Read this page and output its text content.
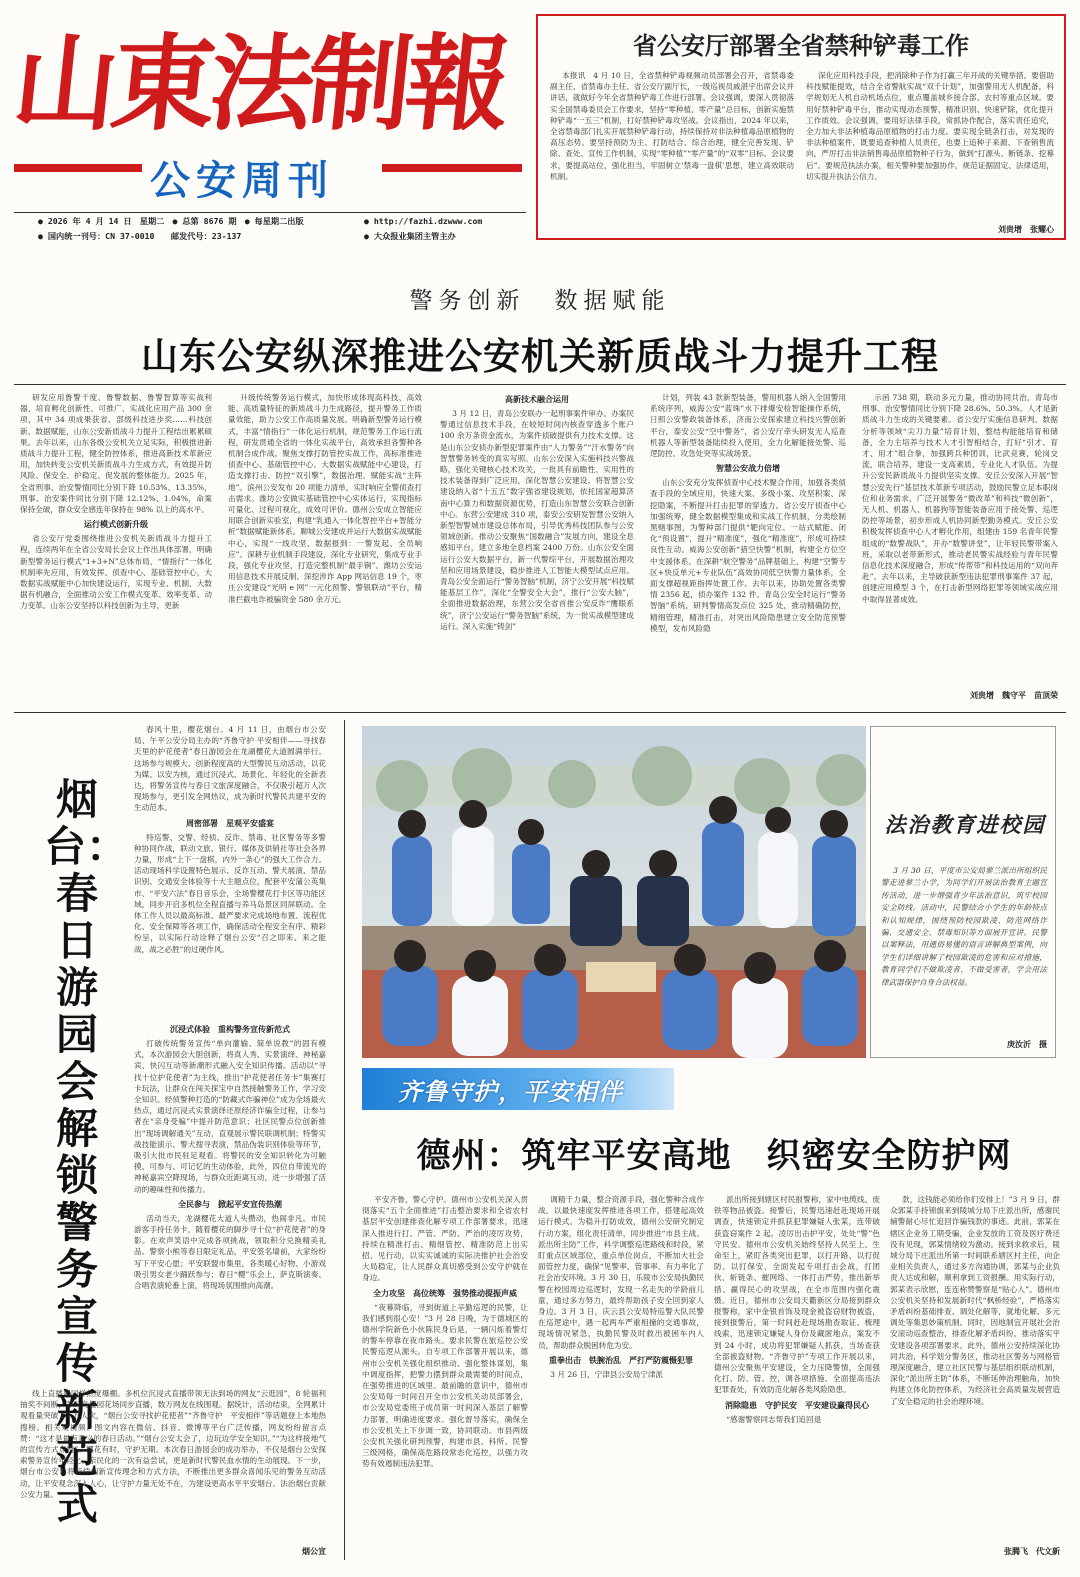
山東法制報
公安周刊
● 2026 年 4 月 14 日　星期二　● 总第 8676 期　● 每星期二出版
● 国内统一刊号：CN 37-0010　　邮发代号：23-137
● http://fazhi.dzwww.com
● 大众报业集团主管主办
省公安厅部署全省禁种铲毒工作

本报讯　4 月 10 日，全省禁种铲毒视频动员部署会召开，省禁毒委副主任、省禁毒办主任、省公安厅副厅长，一级巡视员戚湛宇出席会议并讲话，就做好今年全省禁种铲毒工作进行部署。会议强调，要深入贯彻落实全国禁毒委员会工作要求，坚持“零种植、零产量”总目标，创新实施禁种铲毒“一五三”机制，打好禁种铲毒攻坚战。会议指出，2024 年以来，全省禁毒部门扎实开展禁种铲毒行动，持续保持对非法种植毒品原植物的高压态势。要坚持预防为主、打防结合、综合治理，健全完善发现、铲除、查处、宣传工作机制，实现“零种植”“零产量”的“双零”目标。会议要求，要提高站位，强化担当，牢固树立‘禁毒一盘棋’思想，建立高效联动机制。

深化应用科技手段，把消除种子作为打赢三年开战的关键举措。要借助科技赋能提效，结合全省警航实战“双千计划”，加强警用无人机配备，科学规划无人机自动机场点位，重点覆盖城乡接合部、农村等重点区域。要用好禁种铲毒平台，推动实现动态预警、精准识别、快速铲除，优化提升工作质效。会议强调，要用好法律手段，常抓协作配合，落实责任追究，全力加大非法种植毒品原植物的打击力度。要实现全链条打击，对发现的非法种植案件，既要追查种植人员责任，也要上追种子来源、下查销售流向，严厉打击非法销售毒品原植物种子行为，做到“打源头、断链条、挖幕后”。要规范执法办案，相关警种要加强协作，规范证据固定、法律适用，切实提升执法公信力。

刘贵增　张耀心
警务创新　数据赋能
山东公安纵深推进公安机关新质战斗力提升工程

研发应用鲁警千度、鲁警数据、鲁警智算等实战利器，培育孵化创新性、可推广、实战化应用产品 300 余项，其中 34 项成果获省、部级科技进步奖……科技创新、数据赋能，山东公安新质战斗力提升工程结出累累硕果。去年以来，山东各级公安机关立足实际，积极推进新质战斗力提升工程，健全防控体系，推进高新技术革新应用，加快转变公安机关新质战斗力生成方式，有效提升防风险、保安全、护稳定、促发展的整体能力。2025 年，全省刑事、治安警情同比分别下降 10.53%、13.35%，刑事、治安案件同比分别下降 12.12%、1.04%，命案保持全破，群众安全感连年保持在 98% 以上的高水平。

运行模式创新升级

省公安厅党委围绕推进公安机关新质战斗力提升工程，连续两年在全省公安局长会议上作出具体部署，明确新型警务运行模式“1+3+N”总体布局，“情指行”一体化机制率先应用，有效发挥、侦查中心、基础管控中心，大数据实战赋能中心加快建设运行，实现专业、机制、大数据有机融合，全面推动公安工作模式变革、效率变革、动力变革。山东公安坚持以科技创新为主导，更新

升级传统警务运行模式，加快形成体现高科技、高效能、高质量特征的新质战斗力生成路径，提升警务工作质量效能，助力公安工作高质量发展。明确新型警务运行模式，丰富“情指行”一体化运行机制，规范警务工作运行流程，研发贯通全省的一体化实战平台，高效承担各警种各机制合成作战。聚焦支撑打防管控实战工作，高标准推进侦查中心、基础管控中心、大数据实战赋能中心建设，打造支撑打击、防控“双引擎”，数据治理、赋能实战“主阵地”。滨州公安发布 20 项能力清单，实时响应全警侦查打击需求。潍坊公安做实基础管控中心实体运行，实现指标可量化、过程可视化，成效可评价。德州公安成立智能应用联合创新实验室，构建“乳通入一体化智控平台+智能分析”数据赋能新体系。聊城公安建成并运行大数据实战赋能中心，实现“一线攻坚、数据报到：一警发起、全员响应”。深耕专业机制手段建设，深化专业研究，集成专业手段，强化专业攻坚，打造完整机制“最手锏”。潍坊公安运用信息技术开展反制、深挖涉诈 App 网站信息 19 个，枣庄公安建设“光明 e 网”一元化预警、警银联动”平台，精准拦截电诈被骗资金 580 余万元。

高新技术融合运用

3 月 12 日，青岛公安联办一起刑事案件审办。办案民警通过信息技术手段，在较短时间内核查穿透多个账户 100 余万条资金流水，为案件侦破提供有力技术支撑。这是山东公安侦办新型犯罪案件由“人力警务”“汗水警务”向智慧警务转变的真实写照。山东公安深入实施科技兴警战略，强化关键核心技术攻关，一批具有前瞻性、实用性的技术装备得到广泛应用，深化智慧公安建设。将智慧公安建设纳入省“十五五”数字强省建设规划，依托国家超算济南中心算力和数据资源优势，打造山东智慧公安联合创新中心。东营公安建成 310 项，泰安公安研发智慧公安纳入新型智警城市建设总体布局，引导优秀科技团队参与公安领域创新。推动公安聚焦“国数融合”发展方向，建设全息感知平台，建立多地全息档案 2400 万份。山东公安全面运行公安大数据平台，新一代警综平台，开展数据治理攻坚和应用场景建设，稳步推进人工智能大模型试点应用。青岛公安全面运行“警务智脑”机制，济宁公安开展“科技赋能基层工作”，深化“全警安全大会”，推行“公安大脑”，全面推进数据治理，东营公安全省首推公安反诈“鹰眼系统”，济宁公安运行“警务智脑”系统，为一批实战模型建成运行。深入实施“铸剑”

计划，列装 43 款新型装备，警用机器人纳入全国警用系统序列，威海公安“蓝珠”水下排爆安检智能操作系统，日照公安警政装备体系，济南公安探索建立科技兴警创新平台，泰安公安“空中警务”，省公安厅牵头研发无人巡查机器人等新型装备陆续投入使用，全力化解能接处警、巡逻防控、攻急处突等实战场景。

智慧公安战力倍增

山东公安充分发挥侦查中心技术聚合作用，加强各类侦查手段的全域应用，快速大案、多级小案、攻坚积案、深挖隐案，不断提升打击犯罪的穿透力。省公安厅侦查中心加强统筹，健全数据模型集成和实战工作机制，分类绘制黑赌事图，为警种部门提供“靶向定位、一站式赋能、闭化“预设置”，提升“精准度”，强化“精准度”，形成可持续良性互动。威海公安创新“猎空快警”机制，构建全方位空中支援体系。在深耕“航空警务”品牌基础上，构建“空警专区+快反单元+专业队伍”高效协同低空快警力量体系，全面支撑超视距指挥处置工作。去年以来，协助处置各类警情 2356 起，侦办案件 132 件。青岛公安全时运行“警务智脑”系统，研判警情高发点位 325 处，推动精确防控，精细管理，精准打击，对突出风险隐患建立安全防范预警模型，发布风险隐

示函 738 期，联动多元力量，推动协同共治，青岛市刑事、治安警情同比分别下降 28.6%、50.3%。人才是新质战斗力生成的关键要素。省公安厅实施信息研判、数据分析等领域“尖刀力量”培育计划，整结构能能培育和储备，全力主培养与技术人才引智相结合，打好“引才、育才、用才”组合拳，加强跨兵种团训，比武竞赛，轮岗交流，联合培养，建设一支高素质、专业化人才队伍。为提升公安民新质战斗力提供坚实支撑。安丘公安深入开展“智慧公安先行”基层技术革新专项活动，鼓励民警立足本职岗位和业务需求，广泛开展警务“微改革”和科技“微创新”，无人机、机器人、机器狗等智能装备应用于接处警、巡逻防控等场景，初步形成人机协同新型勤务模式。安丘公安积极发挥侦查中心人才孵化作用，组建由 159 名青年民警组成的“数警战队”，开办“数警讲堂”，让年轻民警带案入班，采取以老带新形式，推动老民警实战经验与青年民警信息化技术深度融合，形成“传帮带”和科技运用的“双向奔赴”。去年以来，主导破获新型违法犯罪刑事案件 37 起，创建应用模型 3 个，在打击新型网络犯罪等领域实战应用中取得显著成效。

刘贵增　魏守平　苗顶荣
烟台：春日游园会解锁警务宣传新范式

春风十里，樱花烟台。4 月 11 日，由烟台市公安局、午平公安分局主办的“齐鲁守护 平安相伴——寻找春天里的护花使者”春日游园会在龙湖樱花大道圆满举行。这场参与规模大、创新程度高的大型警民互动活动，以花为媒、以安为核，通过沉浸式、场景化、年轻化的全新表达，将警务宣传与春日文旅深度融合，不仅吸引超万人次现场参与，更引发全网热议，成为新时代警民共建平安的生动范本。

周密部署　星观平安盛宴

特巡警、交警、经侦、反诈、禁毒、社区警务等多警种协同作战，联动文旅、银行、媒体及供销社等社会各界力量，形成“上下一盘棋，内外一条心”的强大工作合力。活动现场科学设置特色展示、反诈互动、警犬展演、禁品识别、交通安全体验等十大主题点位，配套平安蒲公英集市、“平安六法”春日音乐会，全场警樱花打卡区等功能区域，同步开启多机位全程直播与养马岛景区同屏联动。全体工作人员以最高标准、最严要求完成场地布置、流程优化、安全保障等各项工作，确保活动全程安全有序、精彩纷呈，以实际行动诠释了烟台公安“召之即来、来之能战，战之必胜”的过硬作风。

沉浸式体验　重构警务宣传新范式

打破传统警务宣传“单向灌输、简单说教”的固有模式，本次游园会大胆创新，将真人秀、实景演绎、神秘嘉宾、快闪互动等新潮形式融入安全知识传播。活动以“寻找十位护花使者”为主线，推出“护花使者任务卡”集赛打卡玩法，让群众在闯关探宝中自然接触警务工作，学习安全知识。经侦警种打造的“防藏式诈骗神位”成为全场最火热点，通过沉浸式实景演绎还原经济诈骗全过程，让参与者在“亲身受骗”中提升防范意识；社区民警点位创新推出“现场调解通关”互动，直观展示警民联调机制；特警实战技能演示、警犬搜寻表演，禁品伪装识别体验等环节，吸引大批市民驻足观看。将警民的安全知识转化为可触摸、可参与、可记忆的生动体验，此外，四位自带流光的神秘嘉宾空降现场，与群众近距离互动，进一步增强了活动的趣味性和传播力。

全民参与　掀起平安宣传热潮

活动当天，龙湖樱花大道人头攒动，热闹非凡。市民游客手持任务卡，随着樱花的脚步寻十位“护花使者”的身影。在欢声笑语中完成各项挑战，领取积分兑换精美礼品。警察小熊等春日限定礼品，平安签名墙前，大家纷纷写下平安心愿；平安联盟市集里，各类暖心好物、小游戏吸引男女老少踊跃参与；春日“櫻”乐会上，萨克斯演奏、合唱表演轮番上演，将现场氛围推向高潮。

线上直播同同样热度爆棚。多机位沉浸式直播带领无法到场的网友“云逛园”，8 轮福利抽奖不间断，养马岛樱园花场同步直播，数万网友在线围观。据统计，活动结束，全网累计观看量突破 27 万人次，“烟台公安寻找护花使者”“齐鲁守护　平安相伴”等话题登上本地热搜榜。相关短视频、图文内容在微信、抖音、微博等平台广泛传播，网友纷纷留言点赞：“这才是最有意义的春日活动。”“烟台公安太会了，边玩边学安全知识。”“为这样接地气的宣传方式点赞”。樱花有时，守护无期。本次春日游园会的成功举办，不仅是烟台公安探索警务宣传年轻化、亲民化的一次有益尝试，更是新时代警民血水情的生动展现。下一步，烟台市公安局将持续创新宣传理念和方式方法，不断推出更多群众喜闻乐见的警务互动活动，让平安观念深入人心，让守护力量无处不在，为建设更高水平平安烟台、法治烟台贡献公安力量。

烟公宣
法治教育进校园

3 月 30 日，平度市公安局蓼兰派出所组织民警走进蓼兰小学，为同学们开展法治教育主题宣传活动，进一步增强青少年法治意识，筑牢校园安全防线。活动中，民警结合小学生的年龄特点和认知规律，围绕预防校园欺凌、防范网络诈骗、交通安全、禁毒知识等方面展开宣讲。民警以案释法，用通俗易懂的语言讲解典型案例，向学生们详细讲解了校园欺凌的危害和应对措施，教育同学们不做欺凌者、不做受害者，学会用法律武器保护自身合法权益。

庚汝沂　摄
齐鲁守护，平安相伴
德州：筑牢平安高地　织密安全防护网

平安齐鲁，警心守护。德州市公安机关深入贯彻落实“五个全面推进”打击整治要求和全省农村基层平安创建排查化解专项工作部署要求，迅速深入推进行打、严管、严防、严治的凌厉攻势，持续在精准打击、精细管控、精准防范上出实招、见行动，以实实诚诚的实际决推护社会治安大局稳定，让人民群众真切感受到公安守护就在身边。

全力攻坚　高位统筹　强势推动提振声威

“夜幕降临，寻到街道上辛勤巡逻的民警，让我们感到很心安！”3 月 28 日晚，为于德城区的德州学院新色小伙陈民身后是，一辆闪烁着警灯的警车停靠在夜市路头。要求民警在旅巡控公安民警巡逻从源头。自专项工作部署开展以来，德州市公安机关强化组织推动、强化整体谋划，集中调度指挥，把警力摆到群众最需要的时间点，在强势推进的区域里、最前瞻的意识中，德州市公安局每一时间召开全市公安机关动员部署会，市公安局党委班子成员第一时间深入基层了解警力部署，明确进度要求。强化督导落实，确保全市公安机关上下步调一致，协同联动。市县两级公安机关强化研判预警，构建市县、科所、民警三级网格，确保高危路段常态化巡控，以强力攻势有效遏制违法犯罪。

调精干力量，整合资源手段，强化警种合成作战，以最快速度发挥推进各项工作，搭建起高效运行模式。为稳升打防成效，德州公安研究制定行动方案，组化责任清单，同步推进“市县主战、派出所主防”工作，科学调整巡逻路线和时段，紧盯重点区域部位，重点单位岗点，不断加大社会面管控力度，确保“见警率、管事率、有力率化了社会治安环境。3 月 30 日，乐陵市公安局执勤民警在校园周边巡逻时，发现一名走失的学龄前儿童，通过多方努力，最终帮助孩子安全回到家人身边。3 月 3 日，庆云县公安局特巡警大队民警在巡逻途中，遇一起两车严重相撞的交通事故，现场情况紧急，执勤民警及时救出被困车内人员，帮助群众脱困转危为安。

重拳出击　铁腕治乱　严打严防震慑犯罪

3 月 26 日，宁津县公安局宁津派

派出所接到辖区村民报警称，家中电缆线、废铁等物品被盗。接警后，民警迅速赶赴现场开展调查，快速锁定并抓获犯罪嫌疑人张某，连带破获盗窃案件 2 起。凌厉出击护平安，处处“警”色守民安。德州市公安机关始终坚持人民至上、生命至上，紧盯各类突出犯罪，以打开路、以打促防、以打保安，全面发起专项打击会战，打团伙、斩链条、摧网络、一体打击严势，推出新举措、赢得民心的攻坚战，在全市范围内强化震慑。近日，德州市公安局天衢新区分局接到群众报警称，家中金银首饰及现金被盗窃财物被盗，接到报警后，第一时间赶赴现场勘查取证、梳理线索，迅速锁定嫌疑人身份及藏匿地点，案发不到 24 小时，成功将犯罪嫌疑人抓获，当场查获全部被盗财物。“齐鲁守护”专项工作开展以来，德州公安聚焦平安建设，全力压降警情，全面强化打、防、管、控，调各项措施、全面提高违法犯罪查处，有效防范化解各类风险隐患。

消除隐患　守护民安　平安建设赢得民心

“感谢警察同志帮我们追回退

款，这钱能必须给你们安排上！”3 月 9 日，群众郭某手持锦旗来到陵城分局下庄派出所，感谢民辅警耐心尽忙追回诈骗钱款的事迹。此前，郭某在辖区企业务工期受骗，企业发放的工资及医疗费还没有见现，郭某情绪较为激动。接到求救求后，陵城分局下庄派出所第一时间联系辖区村主任，向企业相关负责人，通过多方沟通协调，郭某与企业负责人达成和解，顺利拿到工资报酬。用实际行动，郭某表示欣慰，连连称赞警察是“贴心人”。德州市公安机关坚持和发展新时代“枫桥经验”，严格落实矛盾纠纷基础排查、调处化解等，就地化解、多元调处等集思妙策机制。同时，因地制宜开展社会治安滚动巡查整治，排查化解矛盾纠纷，推动落实平安建设各项部署要求。此外，德州公安持续深化协同共治，科学划分警务区，推动社区警务与网格管理深度融合，建立社区民警与基层组织联动机制，深化“派出所主防”体系，不断延伸治理触角，加快构建立体化防控体系，为经济社会高质量发展营造了安全稳定的社会治理环境。

张腾飞　代文新
